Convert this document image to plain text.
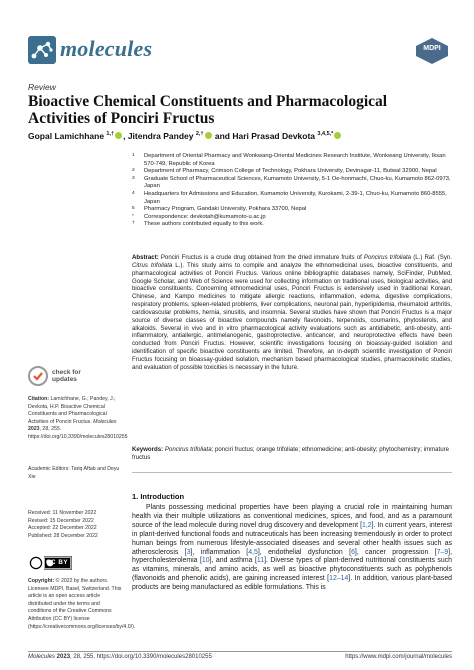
molecules	MDPI
Review
Bioactive Chemical Constituents and Pharmacological Activities of Ponciri Fructus
Gopal Lamichhane $^{1,\dagger}$ , Jitendra Pandey $^{2,\dagger}$ and Hari Prasad Devkota $^{3,4,5,*}$
1 Department of Oriental Pharmacy and Wonkwang-Oriental Medicines Research Institute, Wonkwang University, Iksan 570-749, Republic of Korea
2 Department of Pharmacy, Crimson College of Technology, Pokhara University, Devinagar-11, Butwal 32900, Nepal
3 Graduate School of Pharmaceutical Sciences, Kumamoto University, 5-1 Oe-honmachi, Chuo-ku, Kumamoto 862-0973, Japan
4 Headquarters for Admissions and Education, Kumamoto University, Kurokami, 2-39-1, Chuo-ku, Kumamoto 860-8555, Japan
5 Pharmacy Program, Gandaki University, Pokhara 33700, Nepal
* Correspondence: devkotah@kumamoto-u.ac.jp
† These authors contributed equally to this work.
Abstract: Ponciri Fructus is a crude drug obtained from the dried immature fruits of Poncirus trifoliata (L.) Raf. (Syn. Citrus trifoliata L.). This study aims to compile and analyze the ethnomedicinal uses, bioactive constituents, and pharmacological activities of Ponciri Fructus. Various online bibliographic databases namely, SciFinder, PubMed, Google Scholar, and Web of Science were used for collecting information on traditional uses, biological activities, and bioactive constituents. Concerning ethnomedicinal uses, Ponciri Fructus is extensively used in traditional Korean, Chinese, and Kampo medicines to mitigate allergic reactions, inflammation, edema, digestive complications, respiratory problems, spleen-related problems, liver complications, neuronal pain, hyperlipidemia, rheumatoid arthritis, cardiovascular problems, hernia, sinusitis, and insomnia. Several studies have shown that Ponciri Fructus is a major source of diverse classes of bioactive compounds namely flavonoids, terpenoids, coumarins, phytosterols, and alkaloids. Several in vivo and in vitro pharmacological activity evaluations such as antidiabetic, anti-obesity, anti-inflammatory, antiallergic, antimelanogenic, gastroprotective, anticancer, and neuroprotective effects have been conducted from Ponciri Fructus. However, scientific investigations focusing on bioassay-guided isolation and identification of specific bioactive constituents are limited. Therefore, an in-depth scientific investigation of Ponciri Fructus focusing on bioassay-guided isolation, mechanism based pharmacological studies, pharmacokinetic studies, and evaluation of possible toxicities is necessary in the future.
Keywords: Poncirus trifoliata; ponciri fructus; orange trifoliate; ethnomedicine; anti-obesity; phytochemistry; immature fructus
1. Introduction
Plants possessing medicinal properties have been playing a crucial role in maintaining human health via their multiple utilizations as conventional medicines, spices, and food, and as a paramount source of the lead molecule during novel drug discovery and development [1,2]. In current years, interest in plant-derived functional foods and nutraceuticals has been increasing tremendously in order to protect human beings from numerous lifestyle-associated diseases and several other health issues such as atherosclerosis [3], inflammation [4,5], endothelial dysfunction [6], cancer progression [7–9], hypercholesterolemia [10], and asthma [11]. Diverse types of plant-derived nutritional constituents such as vitamins, minerals, and amino acids, as well as bioactive phytoconstituents such as polyphenols (flavonoids and phenolic acids), are gaining increased interest [12–14]. In addition, various plant-based products are being manufactured as edible formulations. This is
check for
updates
Citation: Lamichhane, G.; Pandey, J.; Devkota, H.P. Bioactive Chemical Constituents and Pharmacological Activities of Ponciri Fructus. Molecules 2023, 28, 255. https://doi.org/10.3390/molecules28010255
Academic Editors: Tariq Aftab and Deyu Xie
Received: 11 November 2022
Revised: 15 December 2022
Accepted: 22 December 2022
Published: 28 December 2022
CC BY
Copyright: © 2022 by the authors. Licensee MDPI, Basel, Switzerland. This article is an open access article distributed under the terms and conditions of the Creative Commons Attribution (CC BY) license (https://creativecommons.org/licenses/by/4.0/).
Molecules 2023, 28, 255. https://doi.org/10.3390/molecules28010255	https://www.mdpi.com/journal/molecules
